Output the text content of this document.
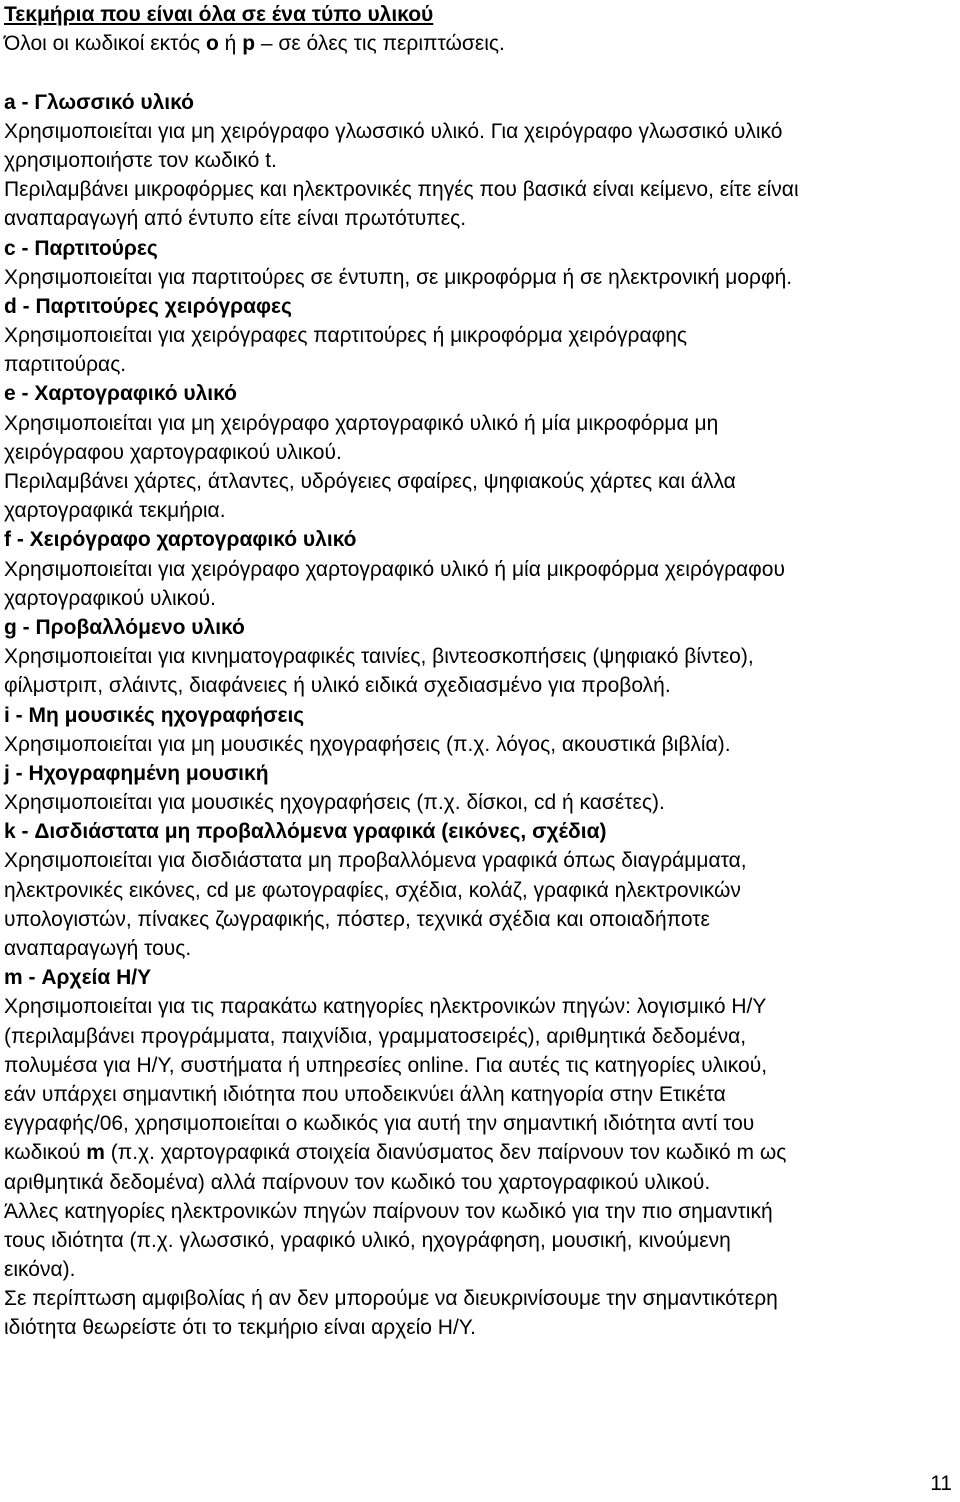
Τεκμήρια που είναι όλα σε ένα τύπο υλικού
Όλοι οι κωδικοί εκτός o ή p – σε όλες τις περιπτώσεις.
a - Γλωσσικό υλικό
Χρησιμοποιείται για μη χειρόγραφο γλωσσικό υλικό. Για χειρόγραφο γλωσσικό υλικό
χρησιμοποιήστε τον κωδικό t.
Περιλαμβάνει μικροφόρμες και ηλεκτρονικές πηγές που βασικά είναι κείμενο, είτε είναι
αναπαραγωγή από έντυπο είτε είναι πρωτότυπες.
c - Παρτιτούρες
Χρησιμοποιείται για παρτιτούρες σε έντυπη, σε μικροφόρμα ή σε ηλεκτρονική μορφή.
d - Παρτιτούρες χειρόγραφες
Χρησιμοποιείται για χειρόγραφες παρτιτούρες ή μικροφόρμα χειρόγραφης
παρτιτούρας.
e - Χαρτογραφικό υλικό
Χρησιμοποιείται για μη χειρόγραφο χαρτογραφικό υλικό ή μία μικροφόρμα μη
χειρόγραφου χαρτογραφικού υλικού.
Περιλαμβάνει χάρτες, άτλαντες, υδρόγειες σφαίρες, ψηφιακούς χάρτες και άλλα
χαρτογραφικά τεκμήρια.
f - Χειρόγραφο χαρτογραφικό υλικό
Χρησιμοποιείται για χειρόγραφο χαρτογραφικό υλικό ή μία μικροφόρμα χειρόγραφου
χαρτογραφικού υλικού.
g - Προβαλλόμενο υλικό
Χρησιμοποιείται για κινηματογραφικές ταινίες, βιντεοσκοπήσεις (ψηφιακό βίντεο),
φίλμστριπ, σλάιντς, διαφάνειες ή υλικό ειδικά σχεδιασμένο για προβολή.
i - Μη μουσικές ηχογραφήσεις
Χρησιμοποιείται για μη μουσικές ηχογραφήσεις (π.χ. λόγος, ακουστικά βιβλία).
j - Ηχογραφημένη μουσική
Χρησιμοποιείται για μουσικές ηχογραφήσεις (π.χ. δίσκοι, cd ή κασέτες).
k - Δισδιάστατα μη προβαλλόμενα γραφικά (εικόνες, σχέδια)
Χρησιμοποιείται για δισδιάστατα μη προβαλλόμενα γραφικά όπως διαγράμματα,
ηλεκτρονικές εικόνες, cd με φωτογραφίες, σχέδια, κολάζ, γραφικά ηλεκτρονικών
υπολογιστών, πίνακες ζωγραφικής, πόστερ, τεχνικά σχέδια και οποιαδήποτε
αναπαραγωγή τους.
m - Αρχεία Η/Υ
Χρησιμοποιείται για τις παρακάτω κατηγορίες ηλεκτρονικών πηγών: λογισμικό Η/Υ
(περιλαμβάνει προγράμματα, παιχνίδια, γραμματοσειρές), αριθμητικά δεδομένα,
πολυμέσα για Η/Υ, συστήματα ή υπηρεσίες online. Για αυτές τις κατηγορίες υλικού,
εάν υπάρχει σημαντική ιδιότητα που υποδεικνύει άλλη κατηγορία στην Ετικέτα
εγγραφής/06, χρησιμοποιείται ο κωδικός για αυτή την σημαντική ιδιότητα αντί του
κωδικού m (π.χ. χαρτογραφικά στοιχεία διανύσματος δεν παίρνουν τον κωδικό m ως
αριθμητικά δεδομένα) αλλά παίρνουν τον κωδικό του χαρτογραφικού υλικού.
Άλλες κατηγορίες ηλεκτρονικών πηγών παίρνουν τον κωδικό για την πιο σημαντική
τους ιδιότητα (π.χ. γλωσσικό, γραφικό υλικό, ηχογράφηση, μουσική, κινούμενη
εικόνα).
Σε περίπτωση αμφιβολίας ή αν δεν μπορούμε να διευκρινίσουμε την σημαντικότερη
ιδιότητα θεωρείστε ότι το τεκμήριο είναι αρχείο Η/Υ.
11
